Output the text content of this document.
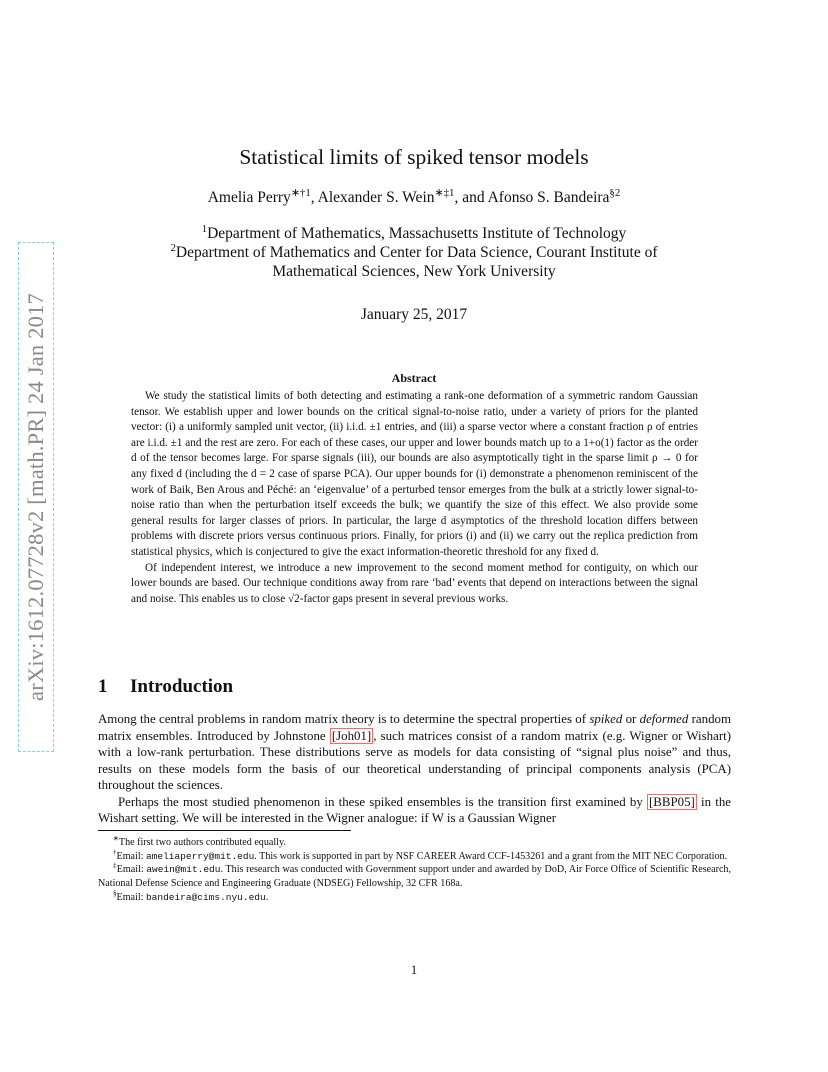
arXiv:1612.07728v2 [math.PR] 24 Jan 2017
Statistical limits of spiked tensor models
Amelia Perry$^{∗\dagger 1}$, Alexander S. Wein$^{∗\ddagger 1}$, and Afonso S. Bandeira$^{\S 2}$
$^1$Department of Mathematics, Massachusetts Institute of Technology
$^2$Department of Mathematics and Center for Data Science, Courant Institute of
Mathematical Sciences, New York University
January 25, 2017
Abstract

We study the statistical limits of both detecting and estimating a rank-one deformation of a symmetric random Gaussian tensor. We establish upper and lower bounds on the critical signal-to-noise ratio, under a variety of priors for the planted vector: (i) a uniformly sampled unit vector, (ii) i.i.d. ±1 entries, and (iii) a sparse vector where a constant fraction ρ of entries are i.i.d. ±1 and the rest are zero. For each of these cases, our upper and lower bounds match up to a 1+o(1) factor as the order d of the tensor becomes large. For sparse signals (iii), our bounds are also asymptotically tight in the sparse limit ρ → 0 for any fixed d (including the d = 2 case of sparse PCA). Our upper bounds for (i) demonstrate a phenomenon reminiscent of the work of Baik, Ben Arous and Péché: an ‘eigenvalue’ of a perturbed tensor emerges from the bulk at a strictly lower signal-to-noise ratio than when the perturbation itself exceeds the bulk; we quantify the size of this effect. We also provide some general results for larger classes of priors. In particular, the large d asymptotics of the threshold location differs between problems with discrete priors versus continuous priors. Finally, for priors (i) and (ii) we carry out the replica prediction from statistical physics, which is conjectured to give the exact information-theoretic threshold for any fixed d.

Of independent interest, we introduce a new improvement to the second moment method for contiguity, on which our lower bounds are based. Our technique conditions away from rare ‘bad’ events that depend on interactions between the signal and noise. This enables us to close √2-factor gaps present in several previous works.

1 Introduction

Among the central problems in random matrix theory is to determine the spectral properties of spiked or deformed random matrix ensembles. Introduced by Johnstone [Joh01] , such matrices consist of a random matrix (e.g. Wigner or Wishart) with a low-rank perturbation. These distributions serve as models for data consisting of “signal plus noise” and thus, results on these models form the basis of our theoretical understanding of principal components analysis (PCA) throughout the sciences.

Perhaps the most studied phenomenon in these spiked ensembles is the transition first examined by [BBP05] in the Wishart setting. We will be interested in the Wigner analogue: if W is a Gaussian Wigner

∗The first two authors contributed equally.

†Email: ameliaperry@mit.edu. This work is supported in part by NSF CAREER Award CCF-1453261 and a grant from the MIT NEC Corporation.

‡Email: awein@mit.edu. This research was conducted with Government support under and awarded by DoD, Air Force Office of Scientific Research, National Defense Science and Engineering Graduate (NDSEG) Fellowship, 32 CFR 168a.

§Email: bandeira@cims.nyu.edu.

1
